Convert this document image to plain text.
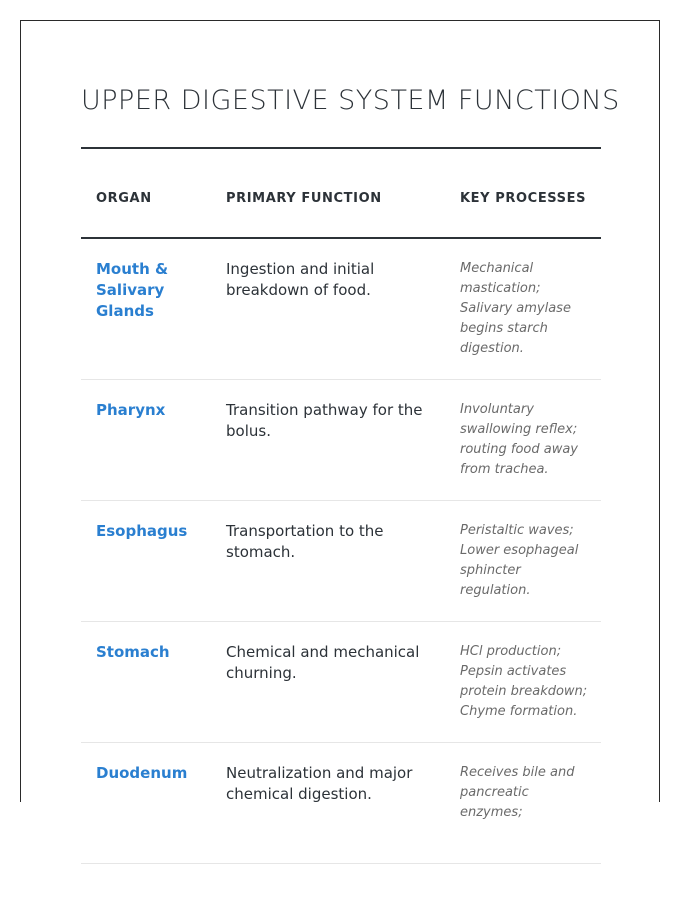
UPPER DIGESTIVE SYSTEM FUNCTIONS
ORGAN	PRIMARY FUNCTION	KEY PROCESSES
Mouth & Salivary Glands	Ingestion and initial breakdown of food.	Mechanical mastication; Salivary amylase begins starch digestion.
Pharynx	Transition pathway for the bolus.	Involuntary swallowing reflex; routing food away from trachea.
Esophagus	Transportation to the stomach.	Peristaltic waves; Lower esophageal sphincter regulation.
Stomach	Chemical and mechanical churning.	HCl production; Pepsin activates protein breakdown; Chyme formation.
Duodenum	Neutralization and major chemical digestion.	Receives bile and pancreatic enzymes;
